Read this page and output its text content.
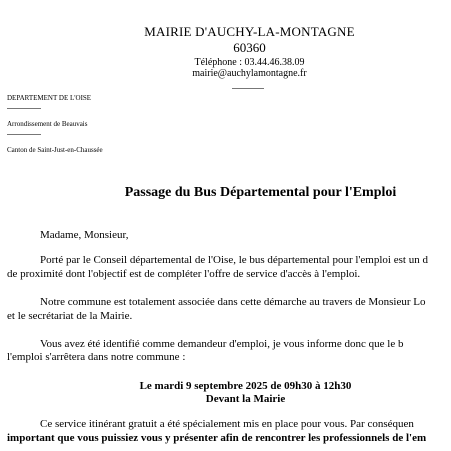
MAIRIE D'AUCHY-LA-MONTAGNE
60360
Téléphone : 03.44.46.38.09
mairie@auchylamontagne.fr
DEPARTEMENT DE L'OISE
Arrondissement de Beauvais
Canton de Saint-Just-en-Chaussée
Passage du Bus Départemental pour l'Emploi
Madame, Monsieur,
Porté par le Conseil départemental de l'Oise, le bus départemental pour l'emploi est un d
de proximité dont l'objectif est de compléter l'offre de service d'accès à l'emploi.
Notre commune est totalement associée dans cette démarche au travers de Monsieur Lo
et le secrétariat de la Mairie.
Vous avez été identifié comme demandeur d'emploi, je vous informe donc que le b
l'emploi s'arrêtera dans notre commune :
Le mardi 9 septembre 2025 de 09h30 à 12h30
Devant la Mairie
Ce service itinérant gratuit a été spécialement mis en place pour vous. Par conséquen
important que vous puissiez vous y présenter afin de rencontrer les professionnels de l'em
